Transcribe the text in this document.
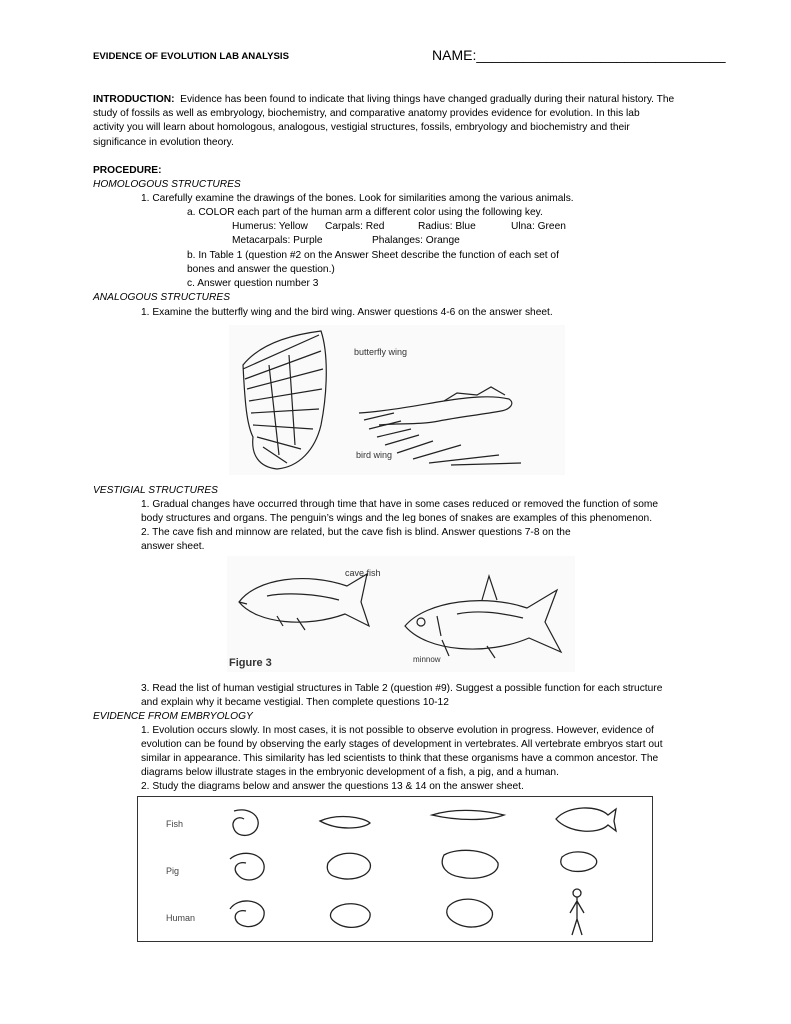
EVIDENCE OF EVOLUTION LAB ANALYSIS	NAME:________________________________
INTRODUCTION: Evidence has been found to indicate that living things have changed gradually during their natural history. The
study of fossils as well as embryology, biochemistry, and comparative anatomy provides evidence for evolution. In this lab
activity you will learn about homologous, analogous, vestigial structures, fossils, embryology and biochemistry and their
significance in evolution theory.
PROCEDURE:
HOMOLOGOUS STRUCTURES
1. Carefully examine the drawings of the bones. Look for similarities among the various animals.
a. COLOR each part of the human arm a different color using the following key.
Humerus: Yellow Carpals: Red	Radius: Blue	Ulna: Green
Metacarpals: Purple	Phalanges: Orange
b. In Table 1 (question #2 on the Answer Sheet describe the function of each set of
bones and answer the question.)
c. Answer question number 3
ANALOGOUS STRUCTURES
1. Examine the butterfly wing and the bird wing. Answer questions 4-6 on the answer sheet.
butterfly wing
bird wing
VESTIGIAL STRUCTURES
1. Gradual changes have occurred through time that have in some cases reduced or removed the function of some
body structures and organs. The penguin’s wings and the leg bones of snakes are examples of this phenomenon.
2. The cave fish and minnow are related, but the cave fish is blind. Answer questions 7-8 on the
answer sheet.
cave fish
minnow
Figure 3
3. Read the list of human vestigial structures in Table 2 (question #9). Suggest a possible function for each structure
and explain why it became vestigial. Then complete questions 10-12
EVIDENCE FROM EMBRYOLOGY
1. Evolution occurs slowly. In most cases, it is not possible to observe evolution in progress. However, evidence of
evolution can be found by observing the early stages of development in vertebrates. All vertebrate embryos start out
similar in appearance. This similarity has led scientists to think that these organisms have a common ancestor. The
diagrams below illustrate stages in the embryonic development of a fish, a pig, and a human.
2. Study the diagrams below and answer the questions 13 & 14 on the answer sheet.
Fish
Pig
Human
